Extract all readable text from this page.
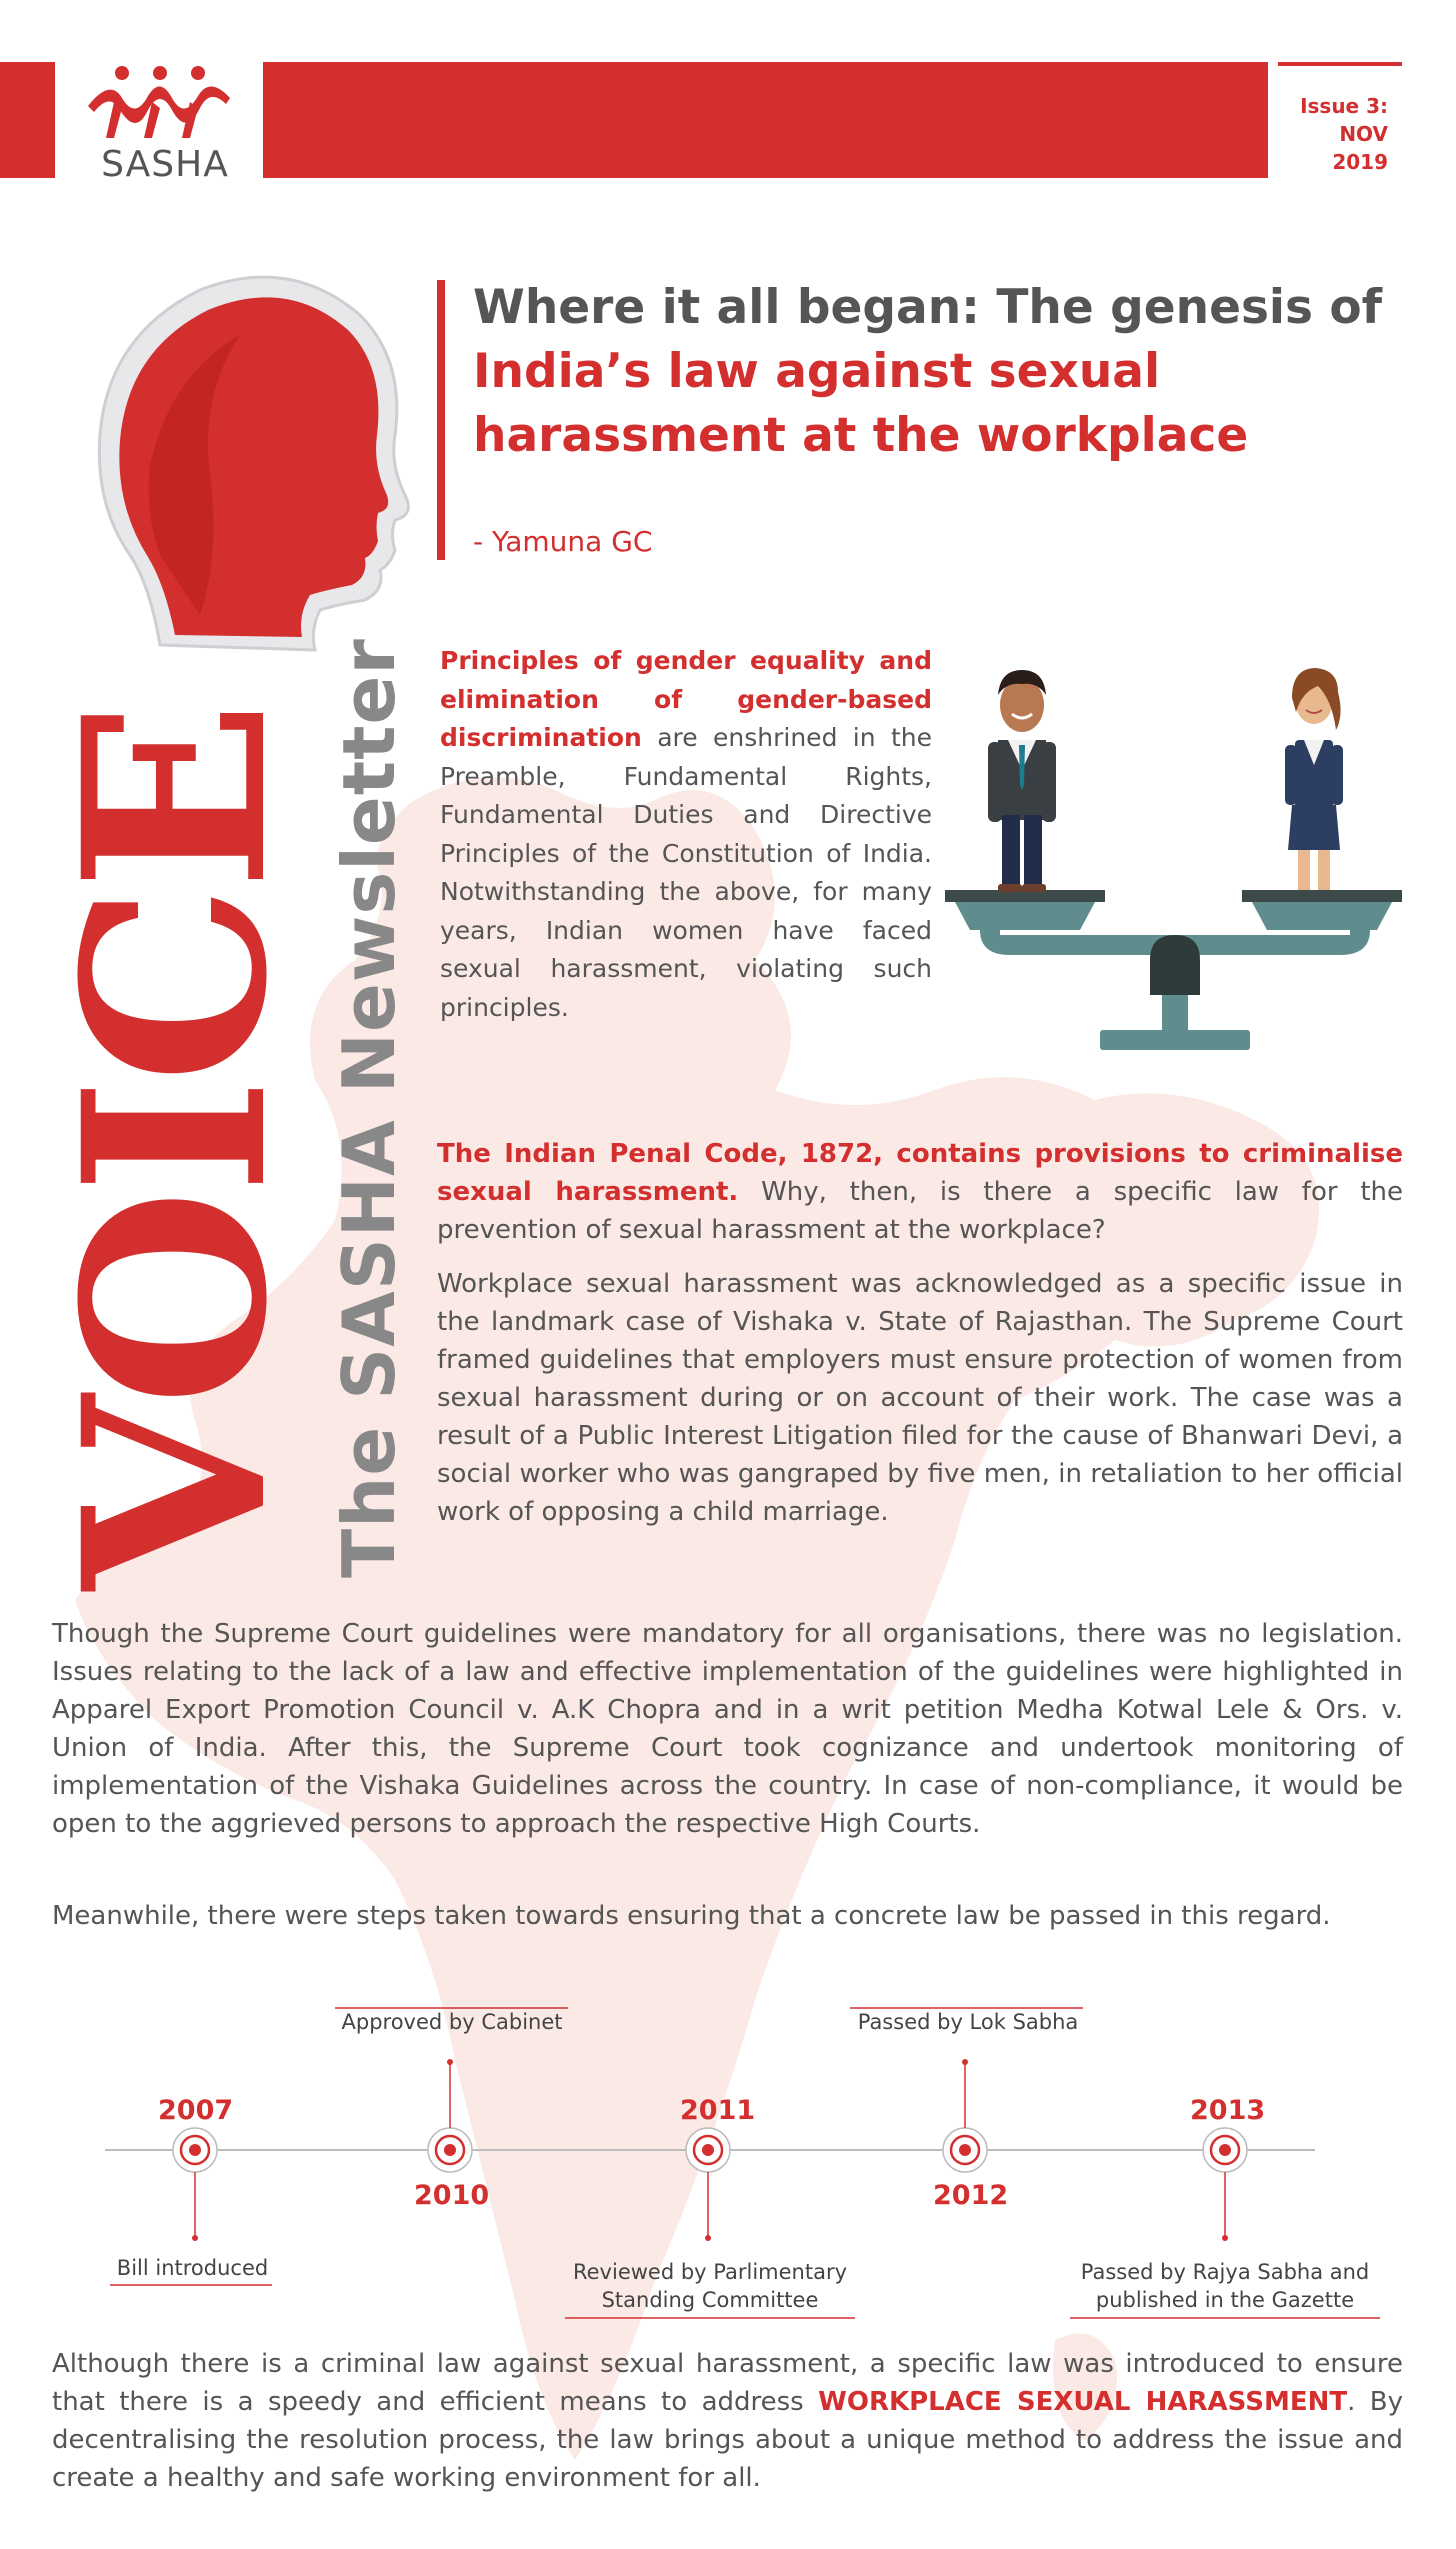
Issue 3:
NOV 2019
SASHA
Where it all began: The genesis of
India’s law against sexual
harassment at the workplace
- Yamuna GC
VOICE The SASHA Newsletter Principles of gender equality and elimination of gender-based discrimination are enshrined in the Preamble, Fundamental Rights, Fundamental Duties and Directive Principles of the Constitution of India. Notwithstanding the above, for many years, Indian women have faced sexual harassment, violating such principles.
The Indian Penal Code, 1872, contains provisions to criminalise sexual harassment. Why, then, is there a specific law for the prevention of sexual harassment at the workplace?
Workplace sexual harassment was acknowledged as a specific issue in the landmark case of Vishaka v. State of Rajasthan. The Supreme Court framed guidelines that employers must ensure protection of women from sexual harassment during or on account of their work. The case was a result of a Public Interest Litigation filed for the cause of Bhanwari Devi, a social worker who was gangraped by five men, in retaliation to her official work of opposing a child marriage.
Though the Supreme Court guidelines were mandatory for all organisations, there was no legislation. Issues relating to the lack of a law and effective implementation of the guidelines were highlighted in Apparel Export Promotion Council v. A.K Chopra and in a writ petition Medha Kotwal Lele & Ors. v. Union of India. After this, the Supreme Court took cognizance and undertook monitoring of implementation of the Vishaka Guidelines across the country. In case of non-compliance, it would be open to the aggrieved persons to approach the respective High Courts.
Meanwhile, there were steps taken towards ensuring that a concrete law be passed in this regard.
2007
2010
2011
2012
2013
Bill introduced
Approved by Cabinet
Reviewed by Parlimentary Standing Committee
Passed by Lok Sabha
Passed by Rajya Sabha and published in the Gazette
Although there is a criminal law against sexual harassment, a specific law was introduced to ensure that there is a speedy and efficient means to address WORKPLACE SEXUAL HARASSMENT. By decentralising the resolution process, the law brings about a unique method to address the issue and create a healthy and safe working environment for all.
